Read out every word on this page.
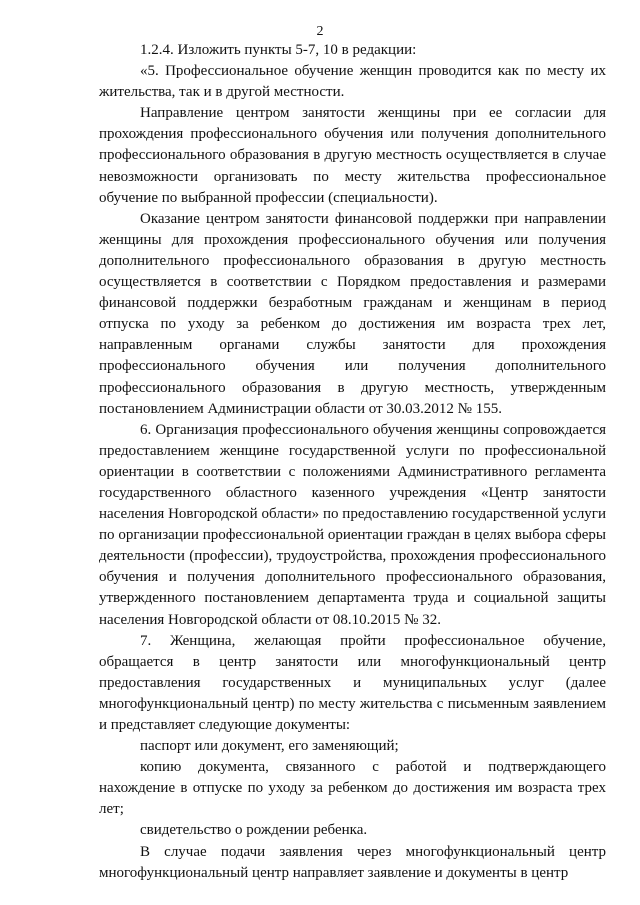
2

1.2.4. Изложить пункты 5-7, 10 в редакции:

«5. Профессиональное обучение женщин проводится как по месту их жительства, так и в другой местности.

Направление центром занятости женщины при ее согласии для прохождения профессионального обучения или получения дополнительного профессионального образования в другую местность осуществляется в случае невозможности организовать по месту жительства профессиональное обучение по выбранной профессии (специальности).

Оказание центром занятости финансовой поддержки при направлении женщины для прохождения профессионального обучения или получения дополнительного профессионального образования в другую местность осуществляется в соответствии с Порядком предоставления и размерами финансовой поддержки безработным гражданам и женщинам в период отпуска по уходу за ребенком до достижения им возраста трех лет, направленным органами службы занятости для прохождения профессионального обучения или получения дополнительного профессионального образования в другую местность, утвержденным постановлением Администрации области от 30.03.2012 № 155.

6. Организация профессионального обучения женщины сопровождается предоставлением женщине государственной услуги по профессиональной ориентации в соответствии с положениями Административного регламента государственного областного казенного учреждения «Центр занятости населения Новгородской области» по предоставлению государственной услуги по организации профессиональной ориентации граждан в целях выбора сферы деятельности (профессии), трудоустройства, прохождения профессионального обучения и получения дополнительного профессионального образования, утвержденного постановлением департамента труда и социальной защиты населения Новгородской области от 08.10.2015 № 32.

7. Женщина, желающая пройти профессиональное обучение, обращается в центр занятости или многофункциональный центр предоставления государственных и муниципальных услуг (далее многофункциональный центр) по месту жительства с письменным заявлением и представляет следующие документы:

паспорт или документ, его заменяющий;

копию документа, связанного с работой и подтверждающего нахождение в отпуске по уходу за ребенком до достижения им возраста трех лет;

свидетельство о рождении ребенка.

В случае подачи заявления через многофункциональный центр многофункциональный центр направляет заявление и документы в центр
